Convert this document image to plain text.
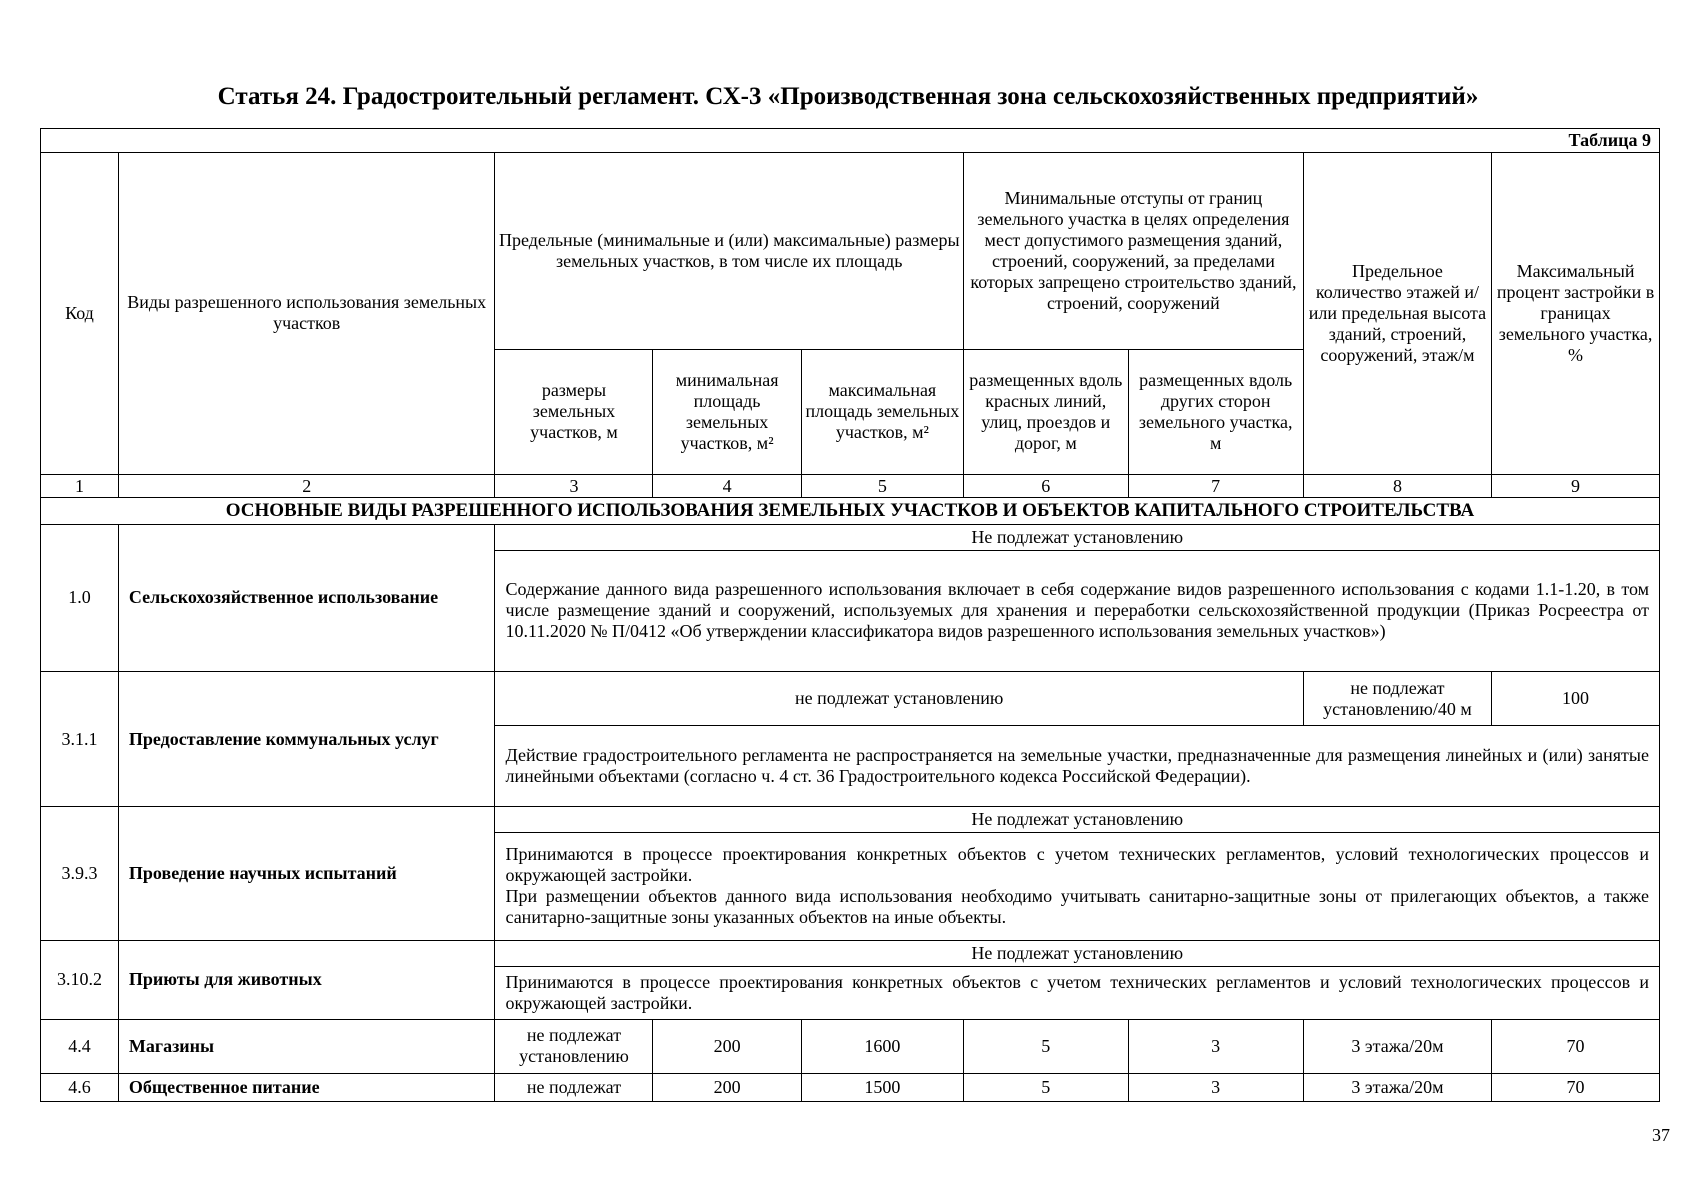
Статья 24. Градостроительный регламент. СХ-3 «Производственная зона сельскохозяйственных предприятий»
Таблица 9								
Код	Виды разрешенного использования земельных участков	Предельные (минимальные и (или) максимальные) размеры земельных участков, в том числе их площадь			Минимальные отступы от границ земельного участка в целях определения мест допустимого размещения зданий, строений, сооружений, за пределами которых запрещено строительство зданий, строений, сооружений		Предельное количество этажей и/или предельная высота зданий, строений, сооружений, этаж/м	Максимальный процент застройки в границах земельного участка, %
		размеры земельных участков, м	минимальная площадь земельных участков, м²	максимальная площадь земельных участков, м²	размещенных вдоль красных линий, улиц, проездов и дорог, м	размещенных вдоль других сторон земельного участка, м		
1	2	3	4	5	6	7	8	9
ОСНОВНЫЕ ВИДЫ РАЗРЕШЕННОГО ИСПОЛЬЗОВАНИЯ ЗЕМЕЛЬНЫХ УЧАСТКОВ И ОБЪЕКТОВ КАПИТАЛЬНОГО СТРОИТЕЛЬСТВА								
1.0	Сельскохозяйственное использование	Не подлежат установлению						
		Содержание данного вида разрешенного использования включает в себя содержание видов разрешенного использования с кодами 1.1-1.20, в том числе размещение зданий и сооружений, используемых для хранения и переработки сельскохозяйственной продукции (Приказ Росреестра от 10.11.2020 № П/0412 «Об утверждении классификатора видов разрешенного использования земельных участков»)						
3.1.1	Предоставление коммунальных услуг	не подлежат установлению					не подлежат установлению/40 м	100
		Действие градостроительного регламента не распространяется на земельные участки, предназначенные для размещения линейных и (или) занятые линейными объектами (согласно ч. 4 ст. 36 Градостроительного кодекса Российской Федерации).						
3.9.3	Проведение научных испытаний	Не подлежат установлению						

		Принимаются в процессе проектирования конкретных объектов с учетом технических регламентов, условий технологических процессов и окружающей застройки.
При размещении объектов данного вида использования необходимо учитывать санитарно-защитные зоны от прилегающих объектов, а также санитарно-защитные зоны указанных объектов на иные объекты.						

3.10.2	Приюты для животных	Не подлежат установлению						
		Принимаются в процессе проектирования конкретных объектов с учетом технических регламентов и условий технологических процессов и окружающей застройки.						
4.4	Магазины	не подлежат установлению	200	1600	5	3	3 этажа/20м	70
4.6	Общественное питание	не подлежат	200	1500	5	3	3 этажа/20м	70
37
